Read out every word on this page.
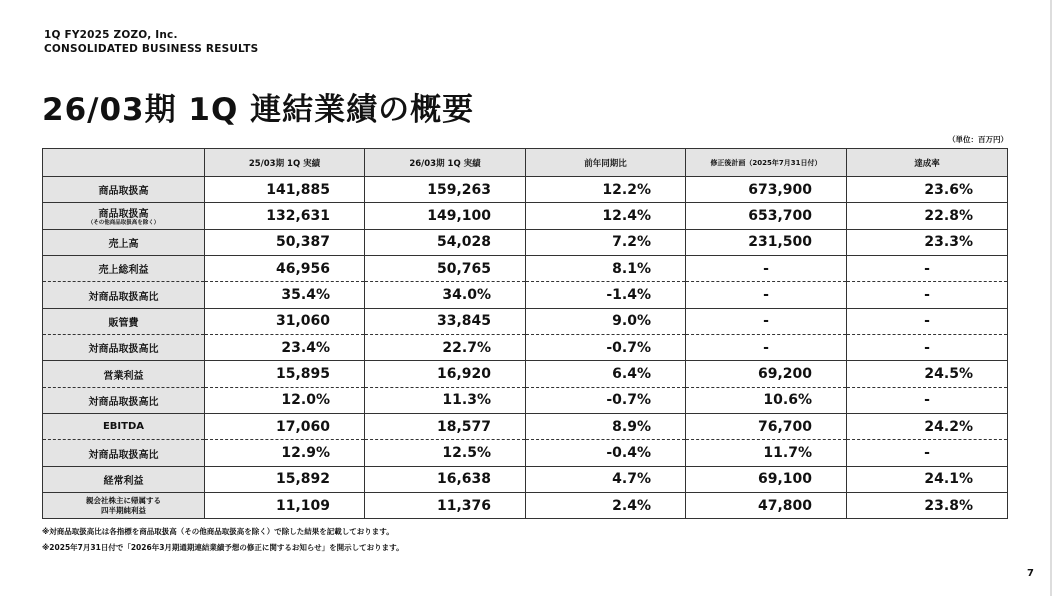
1Q FY2025 ZOZO, Inc.
CONSOLIDATED BUSINESS RESULTS
26/03期 1Q 連結業績の概要
（単位：百万円）
	25/03期 1Q 実績	26/03期 1Q 実績	前年同期比	修正後計画（2025年7月31日付）	達成率
商品取扱高	141,885	159,263	12.2%	673,900	23.6%
商品取扱高
（その他商品取扱高を除く）	132,631	149,100	12.4%	653,700	22.8%
売上高	50,387	54,028	7.2%	231,500	23.3%
売上総利益	46,956	50,765	8.1%	-	-
対商品取扱高比	35.4%	34.0%	-1.4%	-	-
販管費	31,060	33,845	9.0%	-	-
対商品取扱高比	23.4%	22.7%	-0.7%	-	-
営業利益	15,895	16,920	6.4%	69,200	24.5%
対商品取扱高比	12.0%	11.3%	-0.7%	10.6%	-
EBITDA	17,060	18,577	8.9%	76,700	24.2%
対商品取扱高比	12.9%	12.5%	-0.4%	11.7%	-
経常利益	15,892	16,638	4.7%	69,100	24.1%

親会社株主に帰属する
四半期純利益	11,109	11,376	2.4%	47,800	23.8%
※対商品取扱高比は各指標を商品取扱高（その他商品取扱高を除く）で除した結果を記載しております。
※2025年7月31日付で「2026年3月期通期連結業績予想の修正に関するお知らせ」を開示しております。
7
